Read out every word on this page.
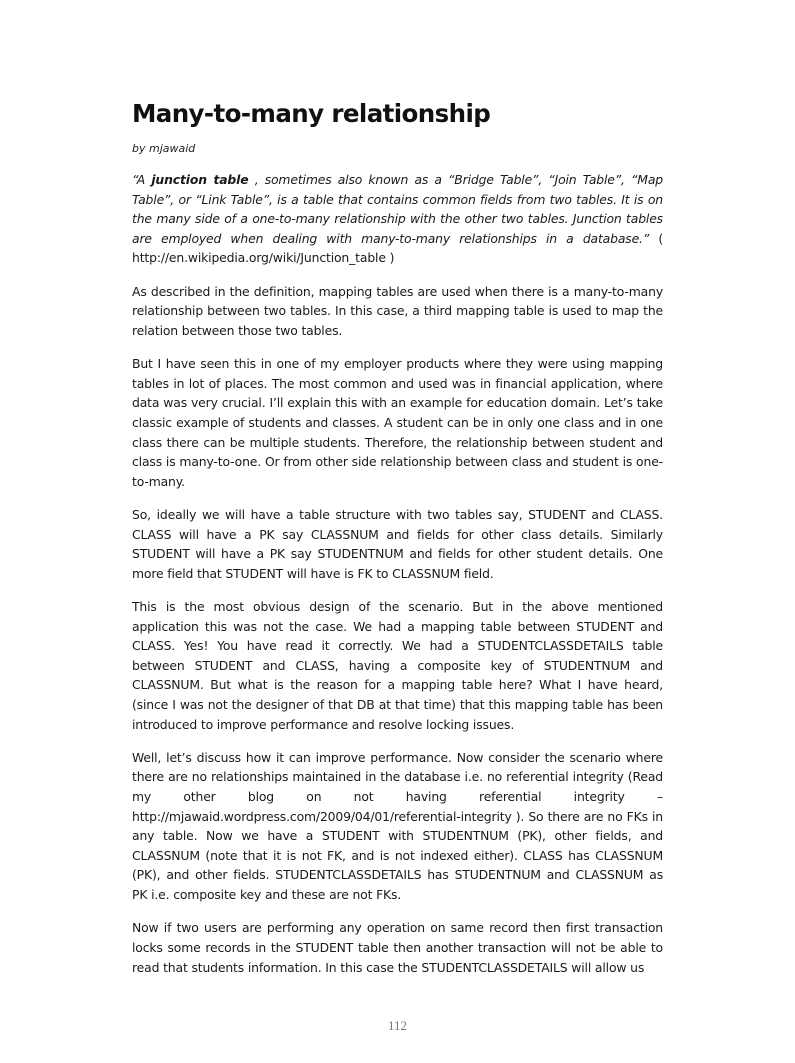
Many-to-many relationship

by mjawaid

“A junction table , sometimes also known as a “Bridge Table”, “Join Table”, “Map Table”, or “Link Table”, is a table that contains common fields from two tables. It is on the many side of a one-to-many relationship with the other two tables. Junction tables are employed when dealing with many-to-many relationships in a database.” ( http://en.wikipedia.org/wiki/Junction_table )

As described in the definition, mapping tables are used when there is a many-to-many relationship between two tables. In this case, a third mapping table is used to map the relation between those two tables.

But I have seen this in one of my employer products where they were using mapping tables in lot of places. The most common and used was in financial application, where data was very crucial. I’ll explain this with an example for education domain. Let’s take classic example of students and classes. A student can be in only one class and in one class there can be multiple students. Therefore, the relationship between student and class is many-to-one. Or from other side relationship between class and student is one-to-many.

So, ideally we will have a table structure with two tables say, STUDENT and CLASS. CLASS will have a PK say CLASSNUM and fields for other class details. Similarly STUDENT will have a PK say STUDENTNUM and fields for other student details. One more field that STUDENT will have is FK to CLASSNUM field.

This is the most obvious design of the scenario. But in the above mentioned application this was not the case. We had a mapping table between STUDENT and CLASS. Yes! You have read it correctly. We had a STUDENTCLASSDETAILS table between STUDENT and CLASS, having a composite key of STUDENTNUM and CLASSNUM. But what is the reason for a mapping table here? What I have heard, (since I was not the designer of that DB at that time) that this mapping table has been introduced to improve performance and resolve locking issues.

Well, let’s discuss how it can improve performance. Now consider the scenario where there are no relationships maintained in the database i.e. no referential integrity (Read my other blog on not having referential integrity – http://mjawaid.wordpress.com/2009/04/01/referential-integrity ). So there are no FKs in any table. Now we have a STUDENT with STUDENTNUM (PK), other fields, and CLASSNUM (note that it is not FK, and is not indexed either). CLASS has CLASSNUM (PK), and other fields. STUDENTCLASSDETAILS has STUDENTNUM and CLASSNUM as PK i.e. composite key and these are not FKs.

Now if two users are performing any operation on same record then first transaction locks some records in the STUDENT table then another transaction will not be able to read that students information. In this case the STUDENTCLASSDETAILS will allow us

112
